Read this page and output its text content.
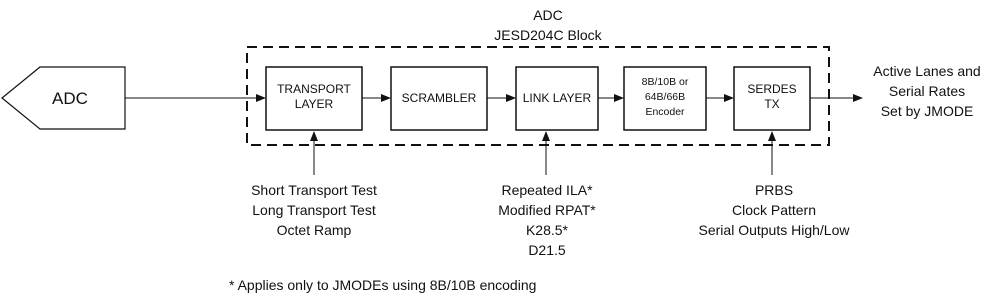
ADC
JESD204C Block
ADC	TRANSPORT
LAYER	SCRAMBLER	LINK LAYER
8B/10B or
64B/66B
Encoder
SERDES
TX
Active Lanes and
Serial Rates
Set by JMODE
Short Transport Test
Long Transport Test
Octet Ramp
Repeated ILA*
Modified RPAT*
K28.5*
D21.5
PRBS
Clock Pattern
Serial Outputs High/Low
* Applies only to JMODEs using 8B/10B encoding
